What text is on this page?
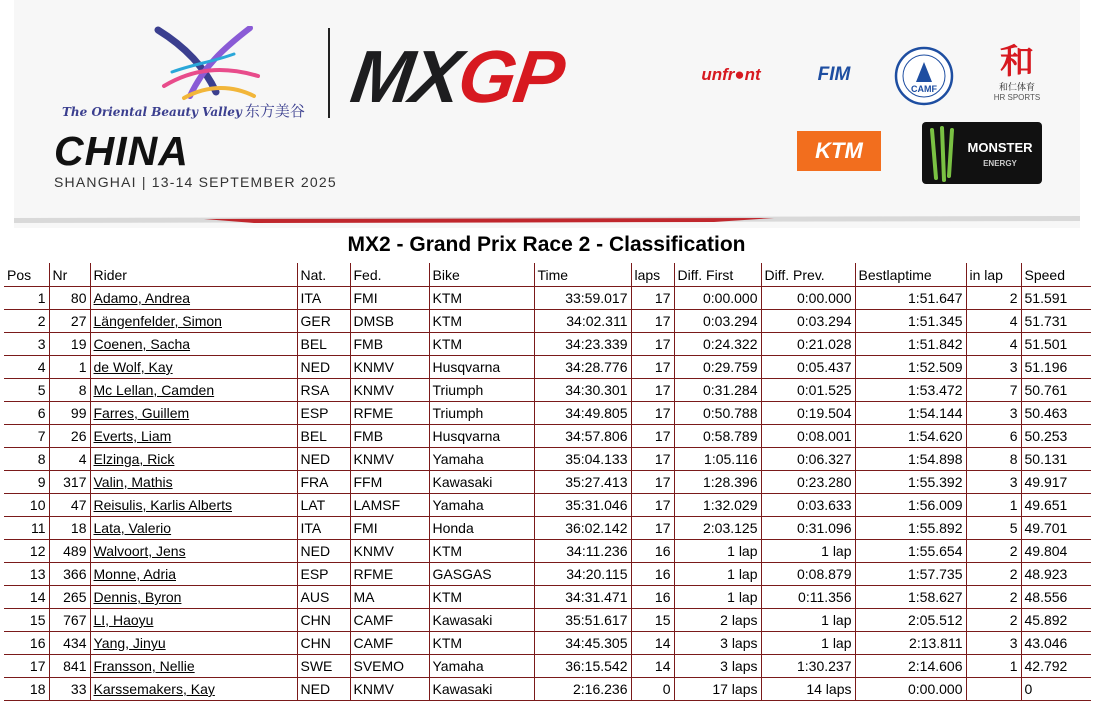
The Oriental Beauty Valley 东方美谷
CHINA
SHANGHAI | 13-14 SEPTEMBER 2025
MXGP	unfr●nt	FIM
CAMF
和
和仁体育
HR SPORTS
KTM	MONSTER
ENERGY
MX2 - Grand Prix Race 2 - Classification
Pos	Nr	Rider	Nat.	Fed.	Bike	Time	laps	Diff. First	Diff. Prev.	Bestlaptime	in lap	Speed
1	80	Adamo, Andrea	ITA	FMI	KTM	33:59.017	17	0:00.000	0:00.000	1:51.647	2	51.591
2	27	Längenfelder, Simon	GER	DMSB	KTM	34:02.311	17	0:03.294	0:03.294	1:51.345	4	51.731
3	19	Coenen, Sacha	BEL	FMB	KTM	34:23.339	17	0:24.322	0:21.028	1:51.842	4	51.501
4	1	de Wolf, Kay	NED	KNMV	Husqvarna	34:28.776	17	0:29.759	0:05.437	1:52.509	3	51.196
5	8	Mc Lellan, Camden	RSA	KNMV	Triumph	34:30.301	17	0:31.284	0:01.525	1:53.472	7	50.761
6	99	Farres, Guillem	ESP	RFME	Triumph	34:49.805	17	0:50.788	0:19.504	1:54.144	3	50.463
7	26	Everts, Liam	BEL	FMB	Husqvarna	34:57.806	17	0:58.789	0:08.001	1:54.620	6	50.253
8	4	Elzinga, Rick	NED	KNMV	Yamaha	35:04.133	17	1:05.116	0:06.327	1:54.898	8	50.131
9	317	Valin, Mathis	FRA	FFM	Kawasaki	35:27.413	17	1:28.396	0:23.280	1:55.392	3	49.917
10	47	Reisulis, Karlis Alberts	LAT	LAMSF	Yamaha	35:31.046	17	1:32.029	0:03.633	1:56.009	1	49.651
11	18	Lata, Valerio	ITA	FMI	Honda	36:02.142	17	2:03.125	0:31.096	1:55.892	5	49.701
12	489	Walvoort, Jens	NED	KNMV	KTM	34:11.236	16	1 lap	1 lap	1:55.654	2	49.804
13	366	Monne, Adria	ESP	RFME	GASGAS	34:20.115	16	1 lap	0:08.879	1:57.735	2	48.923
14	265	Dennis, Byron	AUS	MA	KTM	34:31.471	16	1 lap	0:11.356	1:58.627	2	48.556
15	767	LI, Haoyu	CHN	CAMF	Kawasaki	35:51.617	15	2 laps	1 lap	2:05.512	2	45.892
16	434	Yang, Jinyu	CHN	CAMF	KTM	34:45.305	14	3 laps	1 lap	2:13.811	3	43.046
17	841	Fransson, Nellie	SWE	SVEMO	Yamaha	36:15.542	14	3 laps	1:30.237	2:14.606	1	42.792
18	33	Karssemakers, Kay	NED	KNMV	Kawasaki	2:16.236	0	17 laps	14 laps	0:00.000		0
